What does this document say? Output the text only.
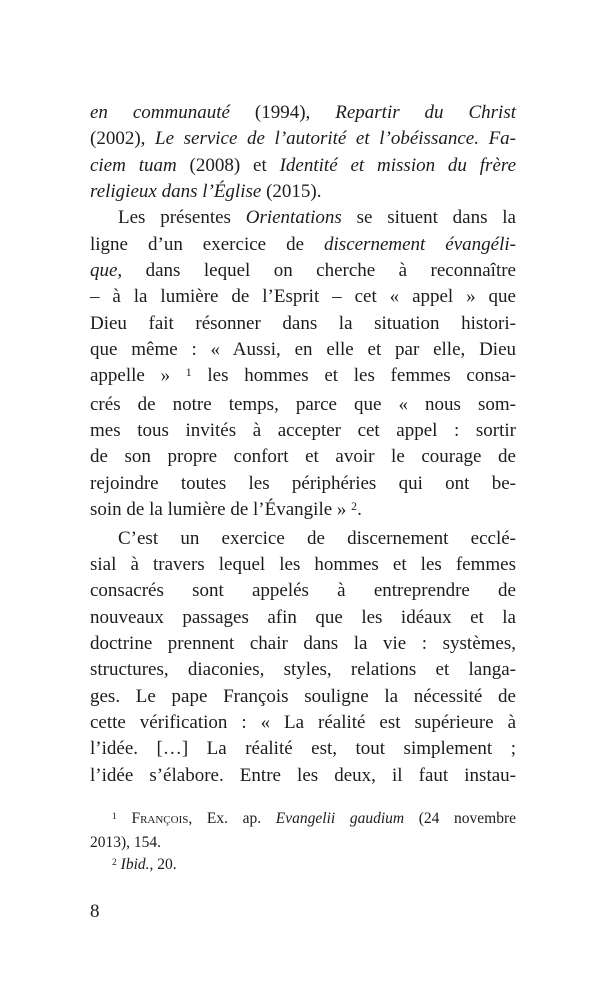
en communauté (1994), Repartir du Christ
(2002), Le service de l’autorité et l’obéissance. Fa-
ciem tuam (2008) et Identité et mission du frère
religieux dans l’Église (2015).
Les présentes Orientations se situent dans la
ligne d’un exercice de discernement évangéli-
que, dans lequel on cherche à reconnaître
– à la lumière de l’Esprit – cet « appel » que
Dieu fait résonner dans la situation histori-
que même : « Aussi, en elle et par elle, Dieu
appelle » $^1$ les hommes et les femmes consa-
crés de notre temps, parce que « nous som-
mes tous invités à accepter cet appel : sortir
de son propre confort et avoir le courage de
rejoindre toutes les périphéries qui ont be-
soin de la lumière de l’Évangile » $^2$.
C’est un exercice de discernement ecclé-
sial à travers lequel les hommes et les femmes
consacrés sont appelés à entreprendre de
nouveaux passages afin que les idéaux et la
doctrine prennent chair dans la vie : systèmes,
structures, diaconies, styles, relations et langa-
ges. Le pape François souligne la nécessité de
cette vérification : « La réalité est supérieure à
l’idée. […] La réalité est, tout simplement ;
l’idée s’élabore. Entre les deux, il faut instau-
$^1$ François, Ex. ap. Evangelii gaudium (24 novembre
2013), 154.
$^2$ Ibid., 20.
8
